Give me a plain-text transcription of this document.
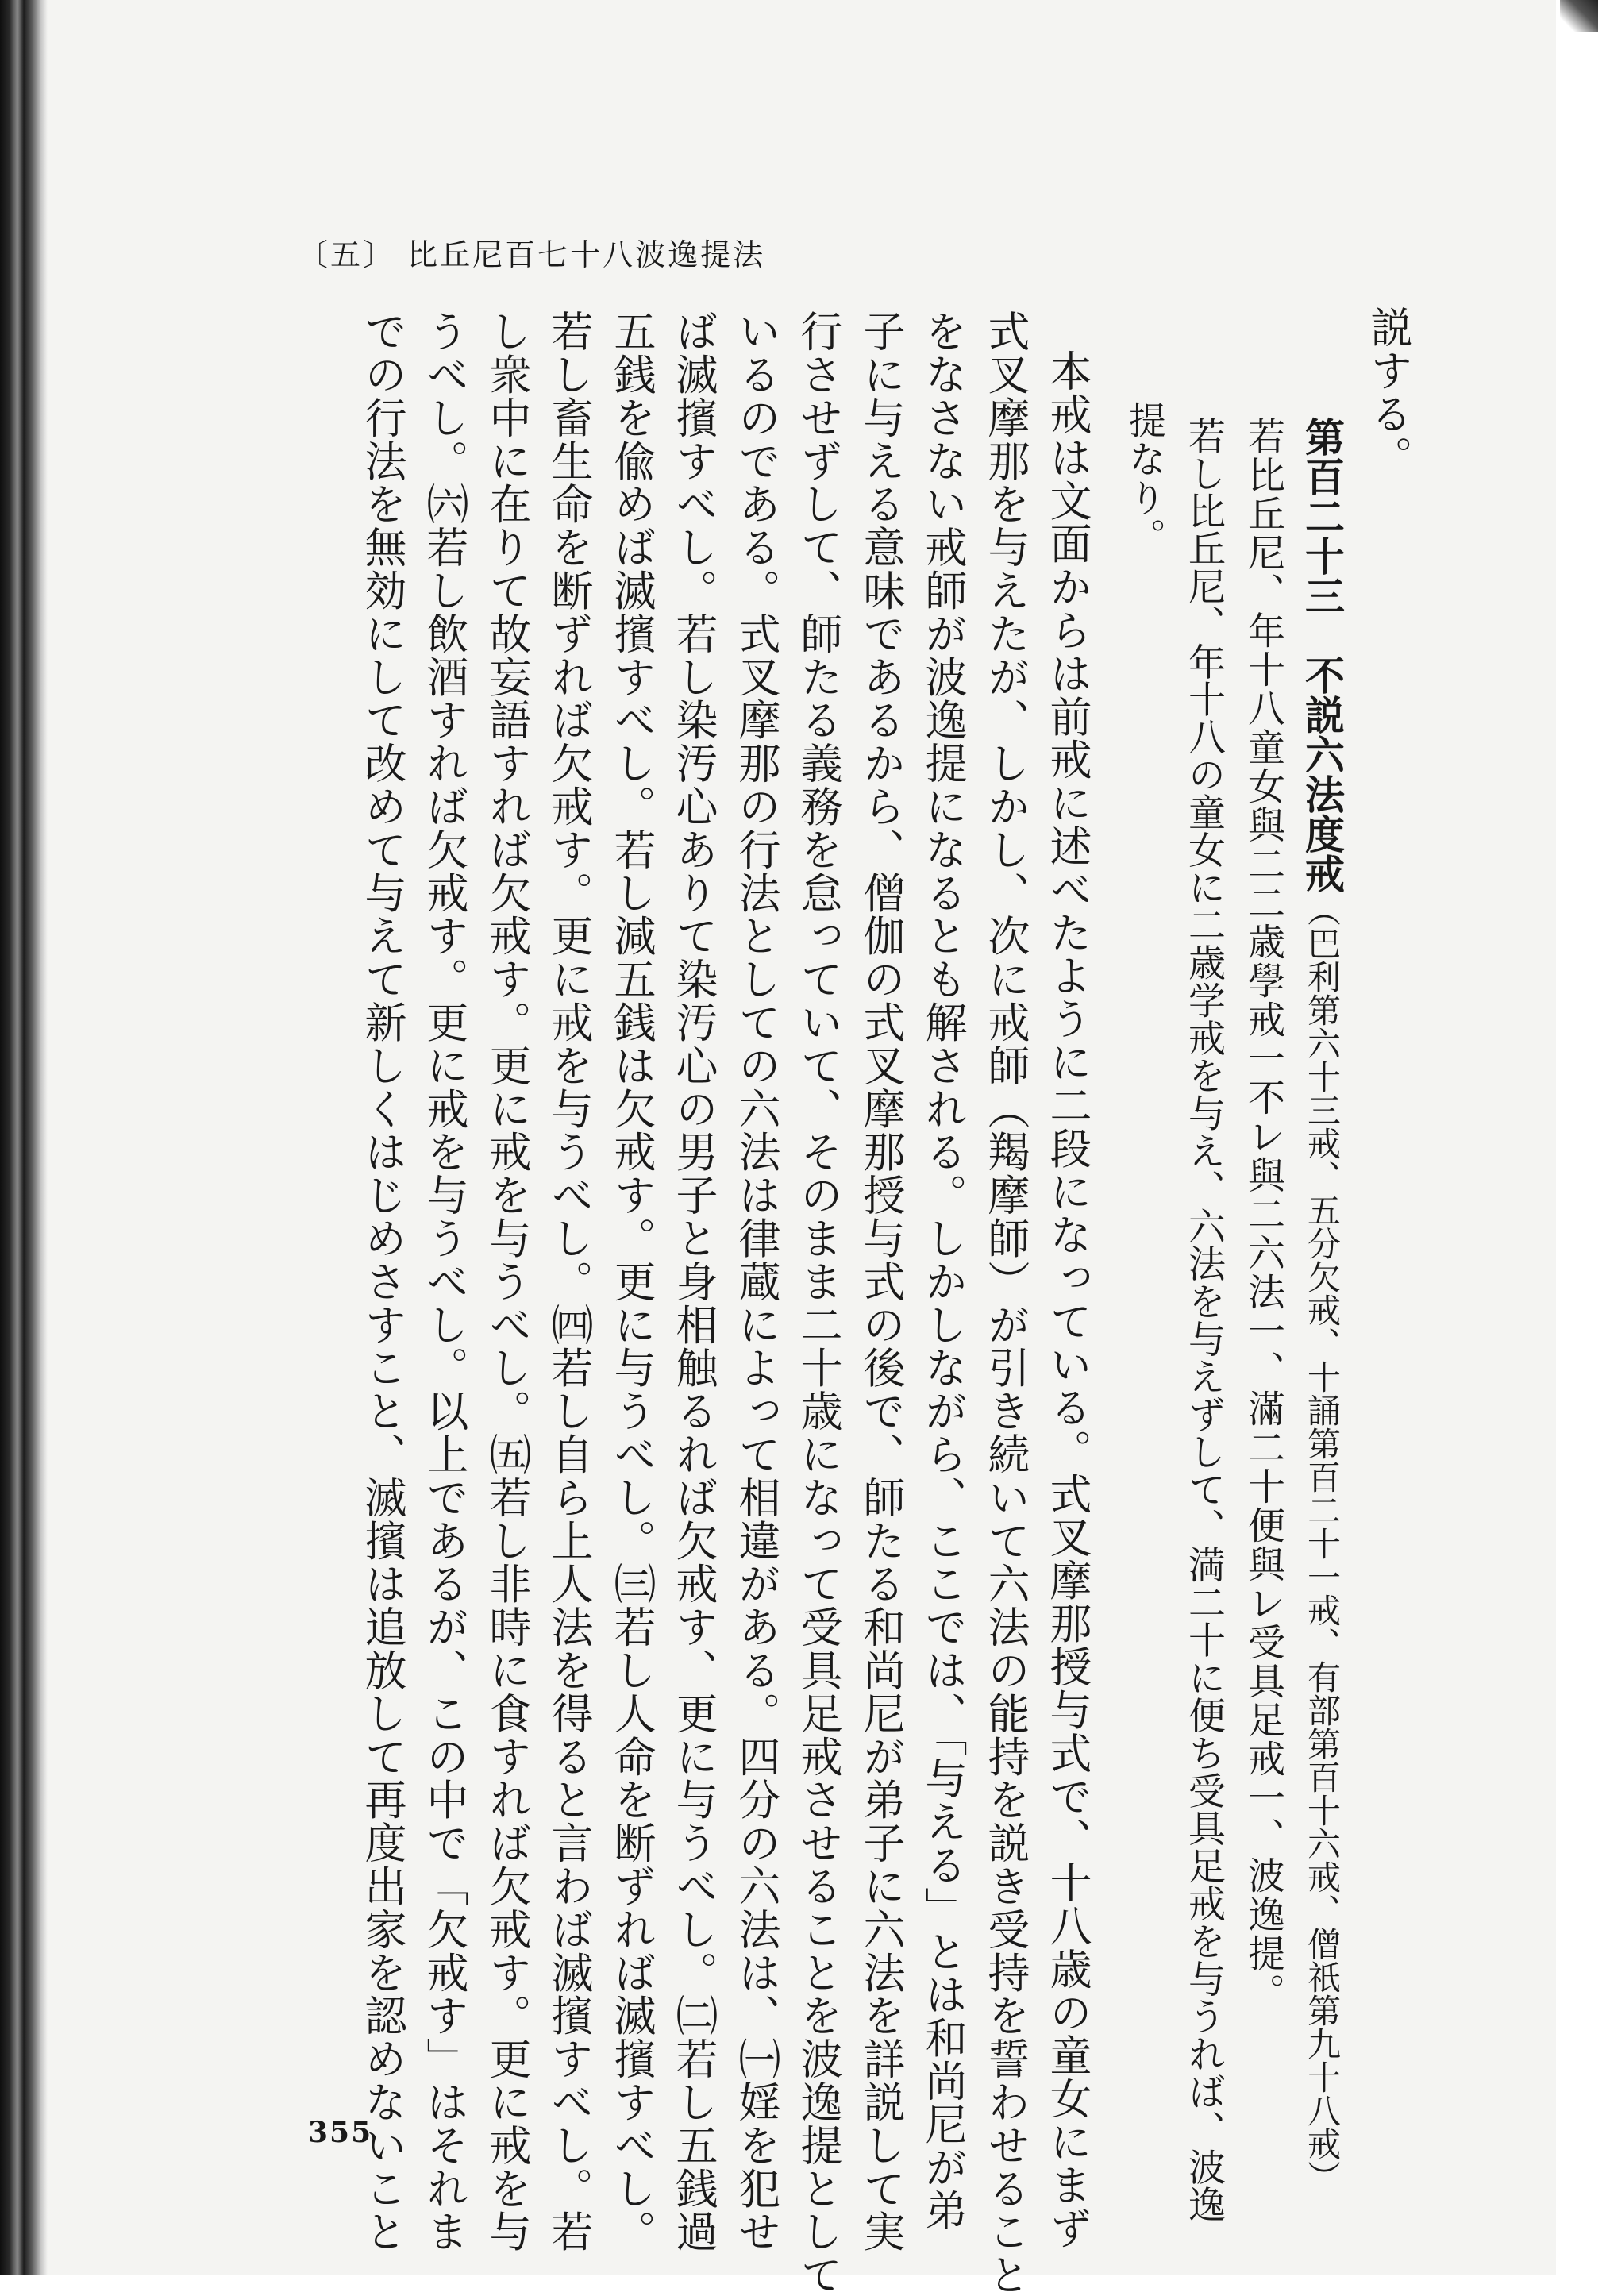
説する。
第百二十三　不説六法度戒（巴利第六十三戒、五分欠戒、十誦第百二十一戒、有部第百十六戒、僧祇第九十八戒）
若比丘尼、年十八童女與二二歳學戒一不レ與二六法一、滿二十便與レ受具足戒一、波逸提。
若し比丘尼、年十八の童女に二歳学戒を与え、六法を与えずして、満二十に便ち受具足戒を与うれば、波逸
提なり。
本戒は文面からは前戒に述べたように二段になっている。式叉摩那授与式で、十八歳の童女にまず
式叉摩那を与えたが、しかし、次に戒師（羯摩師）が引き続いて六法の能持を説き受持を誓わせること
をなさない戒師が波逸提になるとも解される。しかしながら、ここでは、「与える」とは和尚尼が弟
子に与える意味であるから、僧伽の式叉摩那授与式の後で、師たる和尚尼が弟子に六法を詳説して実
行させずして、師たる義務を怠っていて、そのまま二十歳になって受具足戒させることを波逸提として
いるのである。式叉摩那の行法としての六法は律蔵によって相違がある。四分の六法は、㈠婬を犯せ
ば滅擯すべし。若し染汚心ありて染汚心の男子と身相触るれば欠戒す、更に与うべし。㈡若し五銭過
五銭を偸めば滅擯すべし。若し減五銭は欠戒す。更に与うべし。㈢若し人命を断ずれば滅擯すべし。
若し畜生命を断ずれば欠戒す。更に戒を与うべし。㈣若し自ら上人法を得ると言わば滅擯すべし。若
し衆中に在りて故妄語すれば欠戒す。更に戒を与うべし。㈤若し非時に食すれば欠戒す。更に戒を与
うべし。㈥若し飲酒すれば欠戒す。更に戒を与うべし。以上であるが、この中で「欠戒す」はそれま
での行法を無効にして改めて与えて新しくはじめさすこと、滅擯は追放して再度出家を認めないこと
〔五〕 比丘尼百七十八波逸提法
355
